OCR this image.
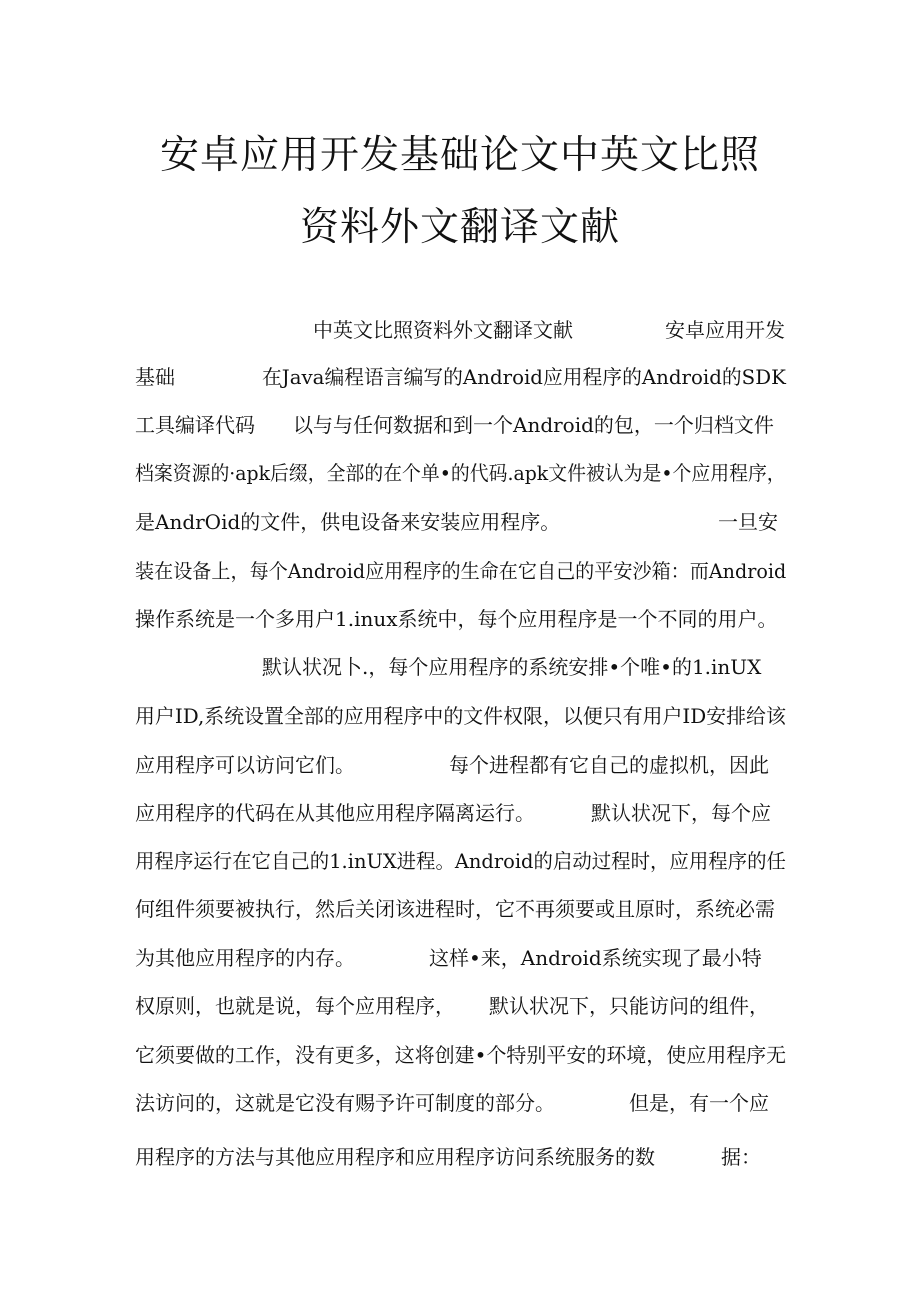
安卓应用开发基础论文中英文比照
资料外文翻译文献
中英文比照资料外文翻译文献	安卓应用开发
基础	在Java编程语言编写的Android应用程序的Android的SDK
工具编译代码 以与与任何数据和到一个Android的包，一个归档文件
档案资源的·apk后缀，全部的在个单•的代码.apk文件被认为是•个应用程序，
是AndrOid的文件，供电设备来安装应用程序。	一旦安
装在设备上，每个Android应用程序的生命在它自己的平安沙箱：而Android
操作系统是一个多用户1.inux系统中，每个应用程序是一个不同的用户。
默认状况卜.，每个应用程序的系统安排•个唯•的1.inUX
用户ID,系统设置全部的应用程序中的文件权限，以便只有用户ID安排给该
应用程序可以访问它们。	每个进程都有它自己的虚拟机，因此
应用程序的代码在从其他应用程序隔离运行。	默认状况下，每个应
用程序运行在它自己的1.inUX进程。Android的启动过程时，应用程序的任
何组件须要被执行，然后关闭该进程时，它不再须要或且原时，系统必需
为其他应用程序的内存。	这样•来，Android系统实现了最小特
权原则，也就是说，每个应用程序， 默认状况下，只能访问的组件，
它须要做的工作，没有更多，这将创建•个特别平安的环境，使应用程序无
法访问的，这就是它没有赐予许可制度的部分。	但是，有一个应
用程序的方法与其他应用程序和应用程序访问系统服务的数	据：
